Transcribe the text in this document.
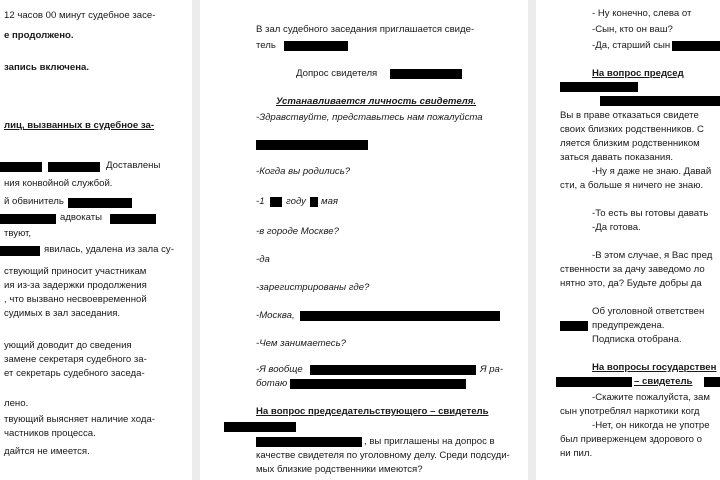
12 часов 00 минут судебное засе-
е продолжено.
запись включена.
лиц, вызванных в судебное за-
Доставлены
ния конвойной службой.
й обвинитель
адвокаты
твуют,
явилась, удалена из зала су-
ствующий приносит участникам
ия из-за задержки продолжения
, что вызвано несвоевременной
судимых в зал заседания.
ующий доводит до сведения
замене секретаря судебного за-
ет секретарь судебного заседа-
лено.
твующий выясняет наличие хода-
частников процесса.
дайтся не имеется.
В зал судебного заседания приглашается свиде-
тель
Допрос свидетеля
Устанавливается личность свидетеля.
-Здравствуйте, представьтесь нам пожалуйста
-Когда вы родились?
-1 году мая
-в городе Москве?
-да
-зарегистрированы где?
-Москва,
-Чем занимаетесь?
-Я вообще	Я ра-
ботаю
На вопрос председательствующего – свидетель
, вы приглашены на допрос в
качестве свидетеля по уголовному делу. Среди подсуди-
мых близкие родственники имеются?
- Ну конечно, слева от
-Сын, кто он ваш?
-Да, старший сын
На вопрос председ
Вы в праве отказаться свидете
своих близких родственников. С
ляется близким родственником
заться давать показания.
-Ну я даже не знаю. Давай
сти, а больше я ничего не знаю.
-То есть вы готовы давать
-Да готова.
-В этом случае, я Вас пред
ственности за дачу заведомо ло
нятно это, да? Будьте добры да
Об уголовной ответствен
предупреждена.
Подписка отобрана.
На вопросы государствен
– свидетель
-Скажите пожалуйста, зам
сын употреблял наркотики когд
-Нет, он никогда не употре
был приверженцем здорового о
ни пил.
